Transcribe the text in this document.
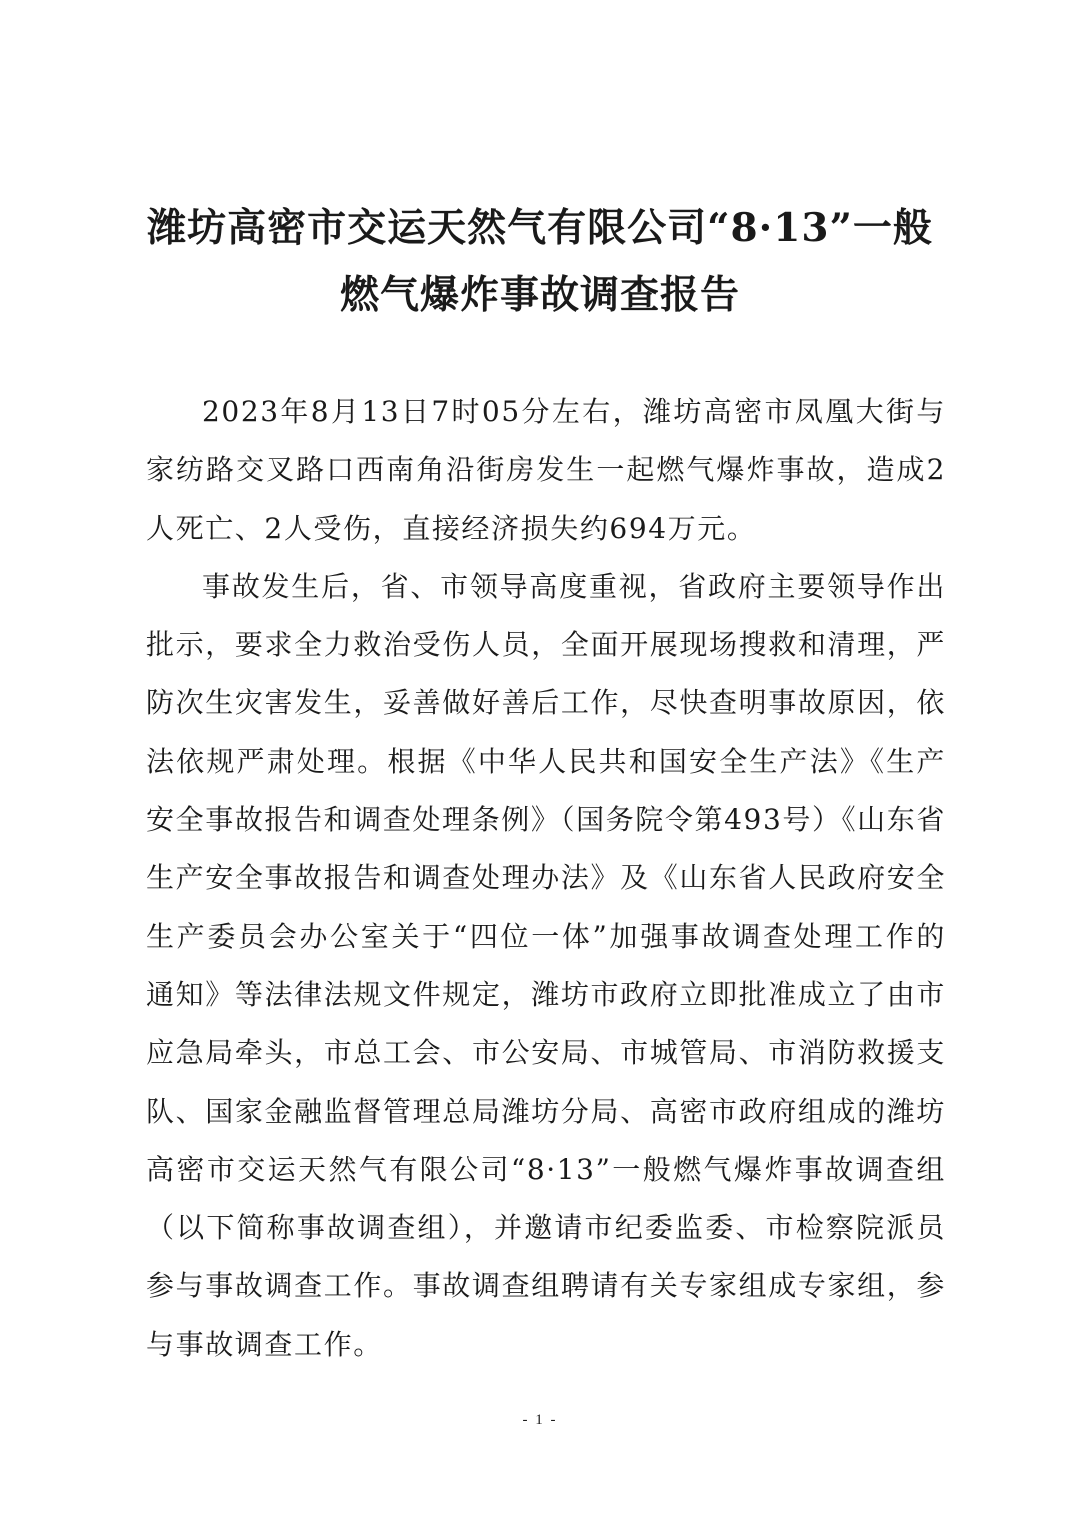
潍坊高密市交运天然气有限公司“8·13”一般
燃气爆炸事故调查报告

2023年8月13日7时05分左右，潍坊高密市凤凰大街与家纺路交叉路口西南角沿街房发生一起燃气爆炸事故，造成2人死亡、2人受伤，直接经济损失约694万元。

事故发生后，省、市领导高度重视，省政府主要领导作出批示，要求全力救治受伤人员，全面开展现场搜救和清理，严防次生灾害发生，妥善做好善后工作，尽快查明事故原因，依法依规严肃处理。根据《中华人民共和国安全生产法》《生产安全事故报告和调查处理条例》（国务院令第493号）《山东省生产安全事故报告和调查处理办法》及《山东省人民政府安全生产委员会办公室关于“四位一体”加强事故调查处理工作的通知》等法律法规文件规定，潍坊市政府立即批准成立了由市应急局牵头，市总工会、市公安局、市城管局、市消防救援支队、国家金融监督管理总局潍坊分局、高密市政府组成的潍坊高密市交运天然气有限公司“8·13”一般燃气爆炸事故调查组（以下简称事故调查组），并邀请市纪委监委、市检察院派员参与事故调查工作。事故调查组聘请有关专家组成专家组，参与事故调查工作。

- 1 -
